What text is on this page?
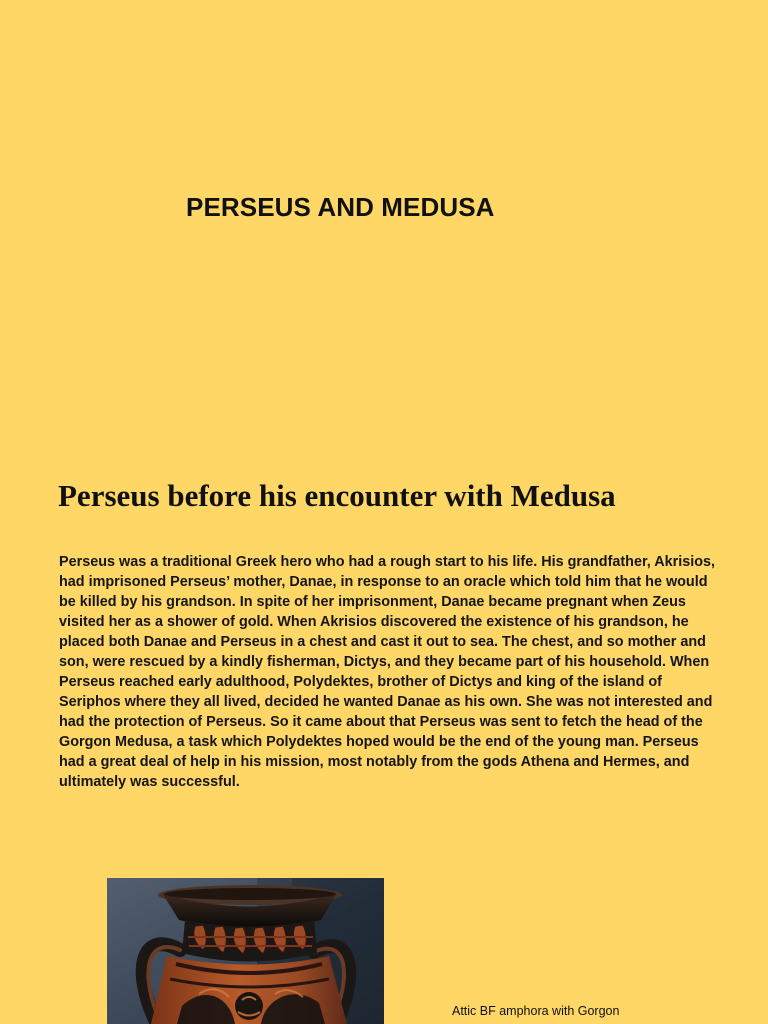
PERSEUS AND MEDUSA
Perseus before his encounter with Medusa

Perseus was a traditional Greek hero who had a rough start to his life. His grandfather, Akrisios, had imprisoned Perseus’ mother, Danae, in response to an oracle which told him that he would be killed by his grandson. In spite of her imprisonment, Danae became pregnant when Zeus visited her as a shower of gold. When Akrisios discovered the existence of his grandson, he placed both Danae and Perseus in a chest and cast it out to sea. The chest, and so mother and son, were rescued by a kindly fisherman, Dictys, and they became part of his household. When Perseus reached early adulthood, Polydektes, brother of Dictys and king of the island of Seriphos where they all lived, decided he wanted Danae as his own. She was not interested and had the protection of Perseus. So it came about that Perseus was sent to fetch the head of the Gorgon Medusa, a task which Polydektes hoped would be the end of the young man. Perseus had a great deal of help in his mission, most notably from the gods Athena and Hermes, and ultimately was successful.

Attic BF amphora with Gorgon
